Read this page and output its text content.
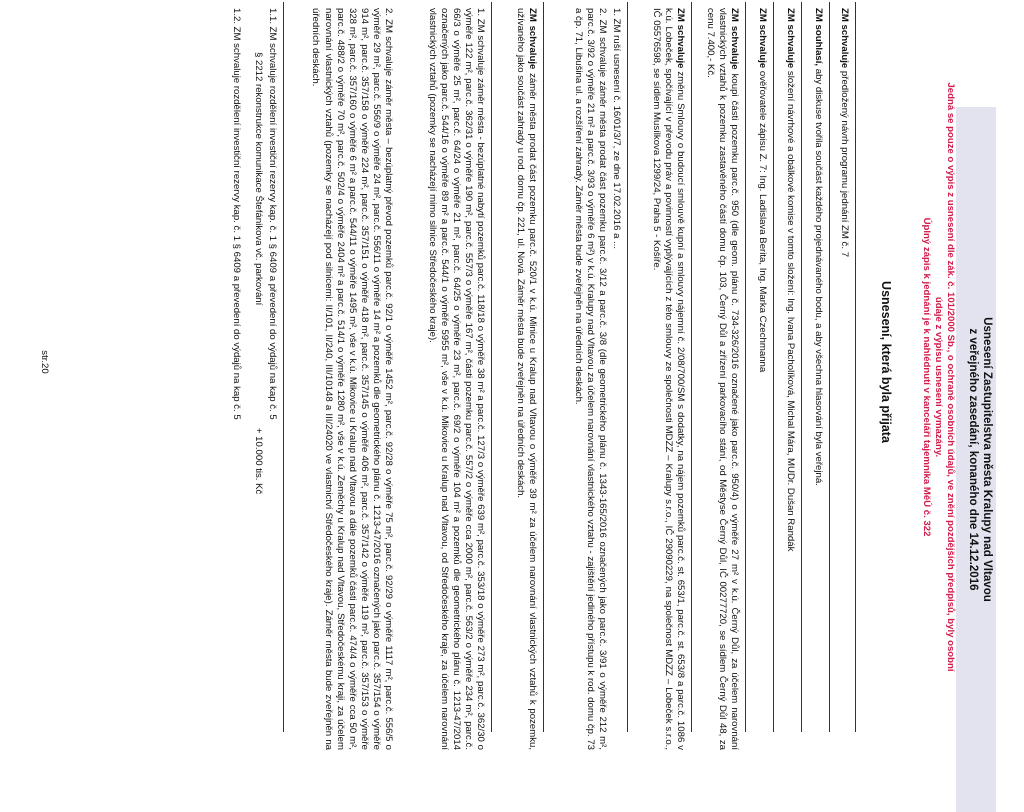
Usnesení Zastupitelstva města Kralupy nad Vltavou
z veřejného zasedání, konaného dne 14.12.2016
Jedná se pouze o výpis z usnesení dle zák. č. 101/2000 Sb., o ochraně osobních údajů, ve znění pozdějších předpisů, byly osobní
údaje z výpisu usnesení vymazány.
Úplný zápis k jednání je k nahlédnutí v kanceláři tajemníka MěÚ č. 322
Usnesení, která byla přijata
ZM schvaluje předložený návrh programu jednání ZM č. 7
ZM souhlasí, aby diskuse tvořila součást každého projednávaného bodu, a aby všechna hlasování byla veřejná.
ZM schvaluje složení návrhové a obálkové komise v tomto složení: Ing. Ivana Pacholíková, Michal Mára, MUDr. Dušan Randák
ZM schvaluje ověřovatele zápisu Z. 7: Ing. Ladislava Berita, Ing. Marka Czechmanna
ZM schvaluje koupi části pozemku parc.č. 950 (dle geom. plánu č. 734-326/2016 označené jako parc.č. 950/4) o výměře 27 m² v k.ú. Černý Důl, za účelem narovnání vlastnických vztahů k pozemku zastavěného částí domu čp. 103, Černý Důl a zřízení parkovacího stání, od Městyse Černý Důl, IČ 00277720, se sídlem Černý Důl 48, za cenu 7.400,- Kč.
ZM schvaluje změnu Smlouvy o budoucí smlouvě kupní a smlouvy nájemní č. 2/08/700/SM s dodatky, na nájem pozemků parc.č. st. 653/1, parc.č. st. 653/8 a parc.č. 1086 v k.ú. Lobeček, spočívající v převodu práv a povinností vyplývajících z této smlouvy ze společnosti MDZZ – Kralupy s.r.o., IČ 29090229, na společnost MDZZ – Lobeček s.r.o., IČ 05576598, se sídlem Musílkova 1299/24, Praha 5 - Košíře.
1. ZM ruší usnesení č. 16/01/3/7, ze dne 17.02.2016 a ...
2. ZM schvaluje záměr města prodat část pozemku parc.č. 3/12 a parc.č. 3/8 (dle geometrického plánu č. 1343-165/2016 označených jako parc.č. 3/91 o výměře 212 m², parc.č. 3/92 o výměře 21 m² a parc.č. 3/93 o výměře 6 m²) v k.ú. Kralupy nad Vltavou za účelem narovnání vlastnického vztahu - zajištění jediného přístupu k rod. domu čp. 73 a čp. 71, Libušina ul. a rozšíření zahrady. Záměr města bude zveřejněn na úředních deskách.
ZM schvaluje záměr města prodat část pozemku parc.č. 520/1 v k.ú. Minice u Kralup nad Vltavou o výměře 39 m² za účelem narovnání vlastnických vztahů k pozemku, užívaného jako součást zahrady u rod. domu čp. 221, ul. Nová. Záměr města bude zveřejněn na úředních deskách.
1. ZM schvaluje záměr města - bezúplatné nabytí pozemků parc.č. 118/18 o výměře 38 m² a parc.č. 127/3 o výměře 639 m², parc.č. 353/18 o výměře 273 m², parc.č. 362/30 o výměře 122 m², parc.č. 362/31 o výměře 190 m², parc.č. 557/3 o výměře 167 m², části pozemku parc.č. 557/2 o výměře cca 2000 m², parc.č. 563/2 o výměře 234 m², parc.č. 66/3 o výměře 25 m², parc.č. 64/24 o výměře 21 m², parc.č. 64/25 o výměře 23 m², parc.č. 69/2 o výměře 104 m² a pozemků dle geometrického plánu č. 1213-47/2014 označených jako parc.č. 544/16 o výměře 89 m² a parc.č. 544/1 o výměře 5955 m², vše v k.ú. Mikovice u Kralup nad Vltavou, od Středočeského kraje, za účelem narovnání vlastnických vztahů (pozemky se nacházejí mimo silnice Středočeského kraje).
2. ZM schvaluje záměr města – bezúplatný převod pozemků parc.č. 92/1 o výměře 1452 m², parc.č. 92/28 o výměře 75 m², parc.č. 92/29 o výměře 1117 m², parc.č. 556/5 o výměře 29 m², parc.č. 556/9 o výměře 24 m², parc.č. 556/11 o výměře 14 m² a pozemků dle geometrického plánu č. 1213-47/2016 označených jako parc.č. 357/154 o výměře 914 m², parc.č. 357/158 o výměře 224 m², parc.č. 357/151 o výměře 418 m², parc.č. 357/145 o výměře 406 m², parc.č. 357/142 o výměře 119 m², parc.č. 357/153 o výměře 328 m², parc.č. 357/160 o výměře 6 m² a parc.č. 544/11 o výměře 1495 m², vše v k.ú. Mikovice u Kralup nad Vltavou a dále pozemků části parc.č. 474/4 o výměře cca 50 m², parc.č. 488/2 o výměře 70 m², parc.č. 502/4 o výměře 2404 m² a parc.č. 514/1 o výměře 1280 m², vše v k.ú. Zeměchy u Kralup nad Vltavou, Středočeskému kraji, za účelem narovnání vlastnických vztahů (pozemky se nacházejí pod silnicemi: II/101, II/240, III/10148 a III/24020 ve vlastnictví Středočeského kraje). Záměr města bude zveřejněn na úředních deskách.
1.1. ZM schvaluje rozdělení investiční rezervy kap. č. 1 § 6409 a převedení do výdajů na kap č. 5
§ 2212 rekonstrukce komunikace Štefánikova vč. parkování                                              + 10.000 tis. Kč
1.2. ZM schvaluje rozdělení investiční rezervy kap. č. 1 § 6409 a převedení do výdajů na kap č. 5
str.20
